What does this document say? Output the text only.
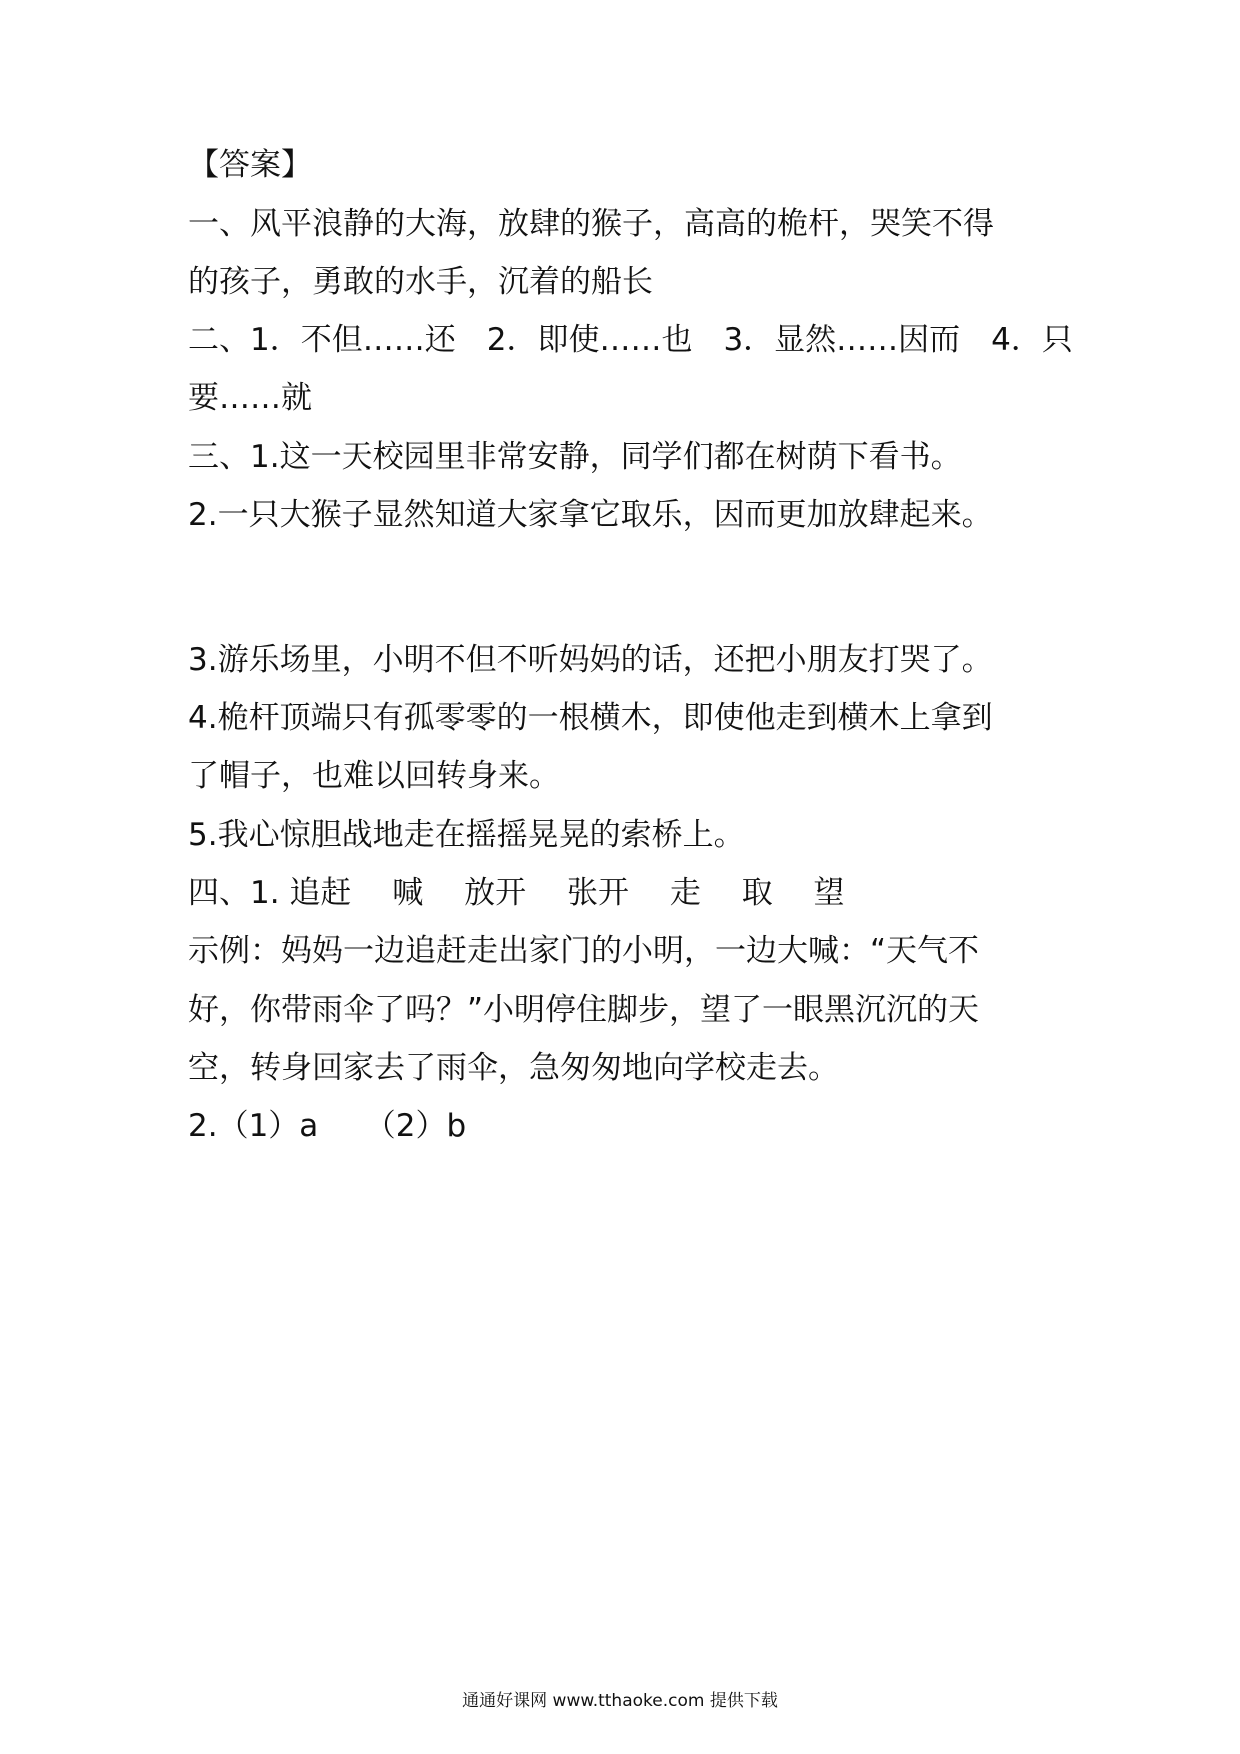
【答案】
一、风平浪静的大海，放肆的猴子，高高的桅杆，哭笑不得
的孩子，勇敢的水手，沉着的船长
二、1．不但……还　2．即使……也　3．显然……因而　4．只
要……就
三、1.这一天校园里非常安静，同学们都在树荫下看书。
2.一只大猴子显然知道大家拿它取乐，因而更加放肆起来。
3.游乐场里，小明不但不听妈妈的话，还把小朋友打哭了。
4.桅杆顶端只有孤零零的一根横木，即使他走到横木上拿到
了帽子，也难以回转身来。
5.我心惊胆战地走在摇摇晃晃的索桥上。
四、1. 追赶　 喊　 放开　 张开　 走　 取　 望
示例：妈妈一边追赶走出家门的小明，一边大喊：“天气不
好，你带雨伞了吗？”小明停住脚步，望了一眼黑沉沉的天
空，转身回家去了雨伞，急匆匆地向学校走去。
2.（1）a　　（2）b
通通好课网 www.tthaoke.com 提供下载
